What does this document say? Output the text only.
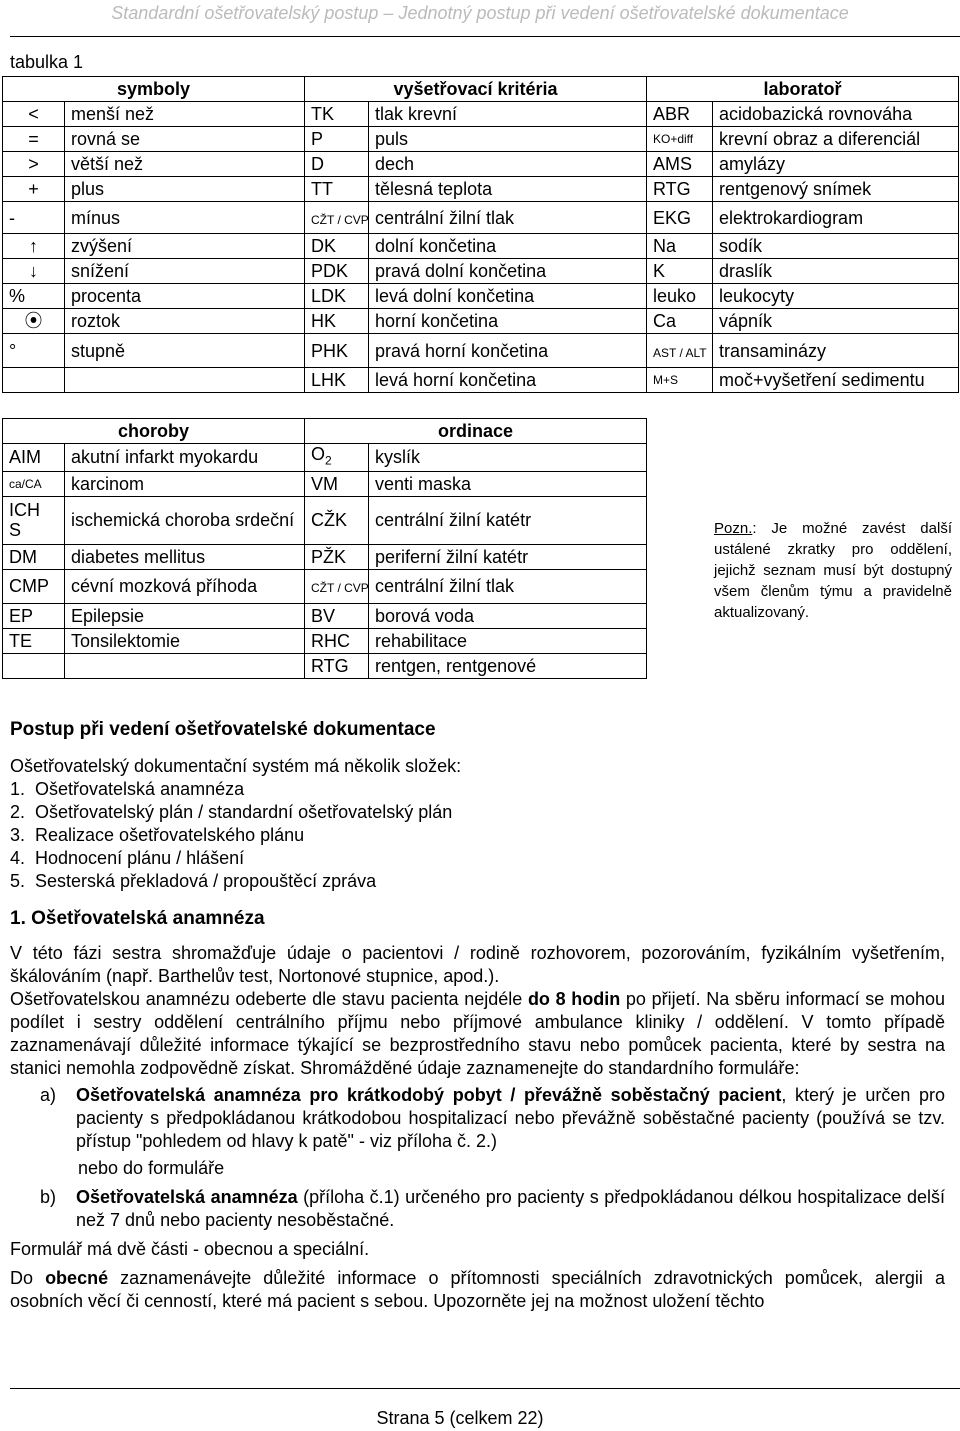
Standardní ošetřovatelský postup – Jednotný postup při vedení ošetřovatelské dokumentace
tabulka 1
symboly		vyšetřovací kritéria		laboratoř	
<	menší než	TK	tlak krevní	ABR	acidobazická rovnováha
=	rovná se	P	puls	KO+diff	krevní obraz a diferenciál
>	větší než	D	dech	AMS	amylázy
+	plus	TT	tělesná teplota	RTG	rentgenový snímek
-	mínus	CŽT / CVP	centrální žilní tlak	EKG	elektrokardiogram
↑	zvýšení	DK	dolní končetina	Na	sodík
↓	snížení	PDK	pravá dolní končetina	K	draslík
%	procenta	LDK	levá dolní končetina	leuko	leukocyty
⦿	roztok	HK	horní končetina	Ca	vápník
°	stupně	PHK	pravá horní končetina	AST / ALT	transaminázy
		LHK	levá horní končetina	M+S	moč+vyšetření sedimentu
choroby		ordinace	
AIM	akutní infarkt myokardu	$O_2$	kyslík
ca/CA	karcinom	VM	venti maska
ICH S	ischemická choroba srdeční	CŽK	centrální žilní katétr
DM	diabetes mellitus	PŽK	periferní žilní katétr
CMP	cévní mozková příhoda	CŽT / CVP	centrální žilní tlak
EP	Epilepsie	BV	borová voda
TE	Tonsilektomie	RHC	rehabilitace
		RTG	rentgen, rentgenové
Pozn.: Je možné zavést další ustálené zkratky pro oddělení, jejichž seznam musí být dostupný všem členům týmu a pravidelně aktualizovaný.

Postup při vedení ošetřovatelské dokumentace

Ošetřovatelský dokumentační systém má několik složek:

1.  Ošetřovatelská anamnéza

2.  Ošetřovatelský plán / standardní ošetřovatelský plán

3.  Realizace ošetřovatelského plánu

4.  Hodnocení plánu / hlášení

5.  Sesterská překladová / propouštěcí zpráva

1. Ošetřovatelská anamnéza

V této fázi sestra shromažďuje údaje o pacientovi / rodině rozhovorem, pozorováním, fyzikálním vyšetřením, škálováním (např. Barthelův test, Nortonové stupnice, apod.).

Ošetřovatelskou anamnézu odeberte dle stavu pacienta nejdéle do 8 hodin po přijetí. Na sběru informací se mohou podílet i sestry oddělení centrálního příjmu nebo příjmové ambulance kliniky / oddělení. V tomto případě zaznamenávají důležité informace týkající se bezprostředního stavu nebo pomůcek pacienta, které by sestra na stanici nemohla zodpovědně získat. Shromážděné údaje zaznamenejte do standardního formuláře:

a)	Ošetřovatelská anamnéza pro krátkodobý pobyt / převážně soběstačný pacient, který je určen pro pacienty s předpokládanou krátkodobou hospitalizací nebo převážně soběstačné pacienty (používá se tzv. přístup "pohledem od hlavy k patě" - viz příloha č. 2.)

nebo do formuláře

b)	Ošetřovatelská anamnéza (příloha č.1) určeného pro pacienty s předpokládanou délkou hospitalizace delší než 7 dnů nebo pacienty nesoběstačné.

Formulář má dvě části - obecnou a speciální.

Do obecné zaznamenávejte důležité informace o přítomnosti speciálních zdravotnických pomůcek, alergii a osobních věcí či cenností, které má pacient s sebou. Upozorněte jej na možnost uložení těchto

Strana 5 (celkem 22)
